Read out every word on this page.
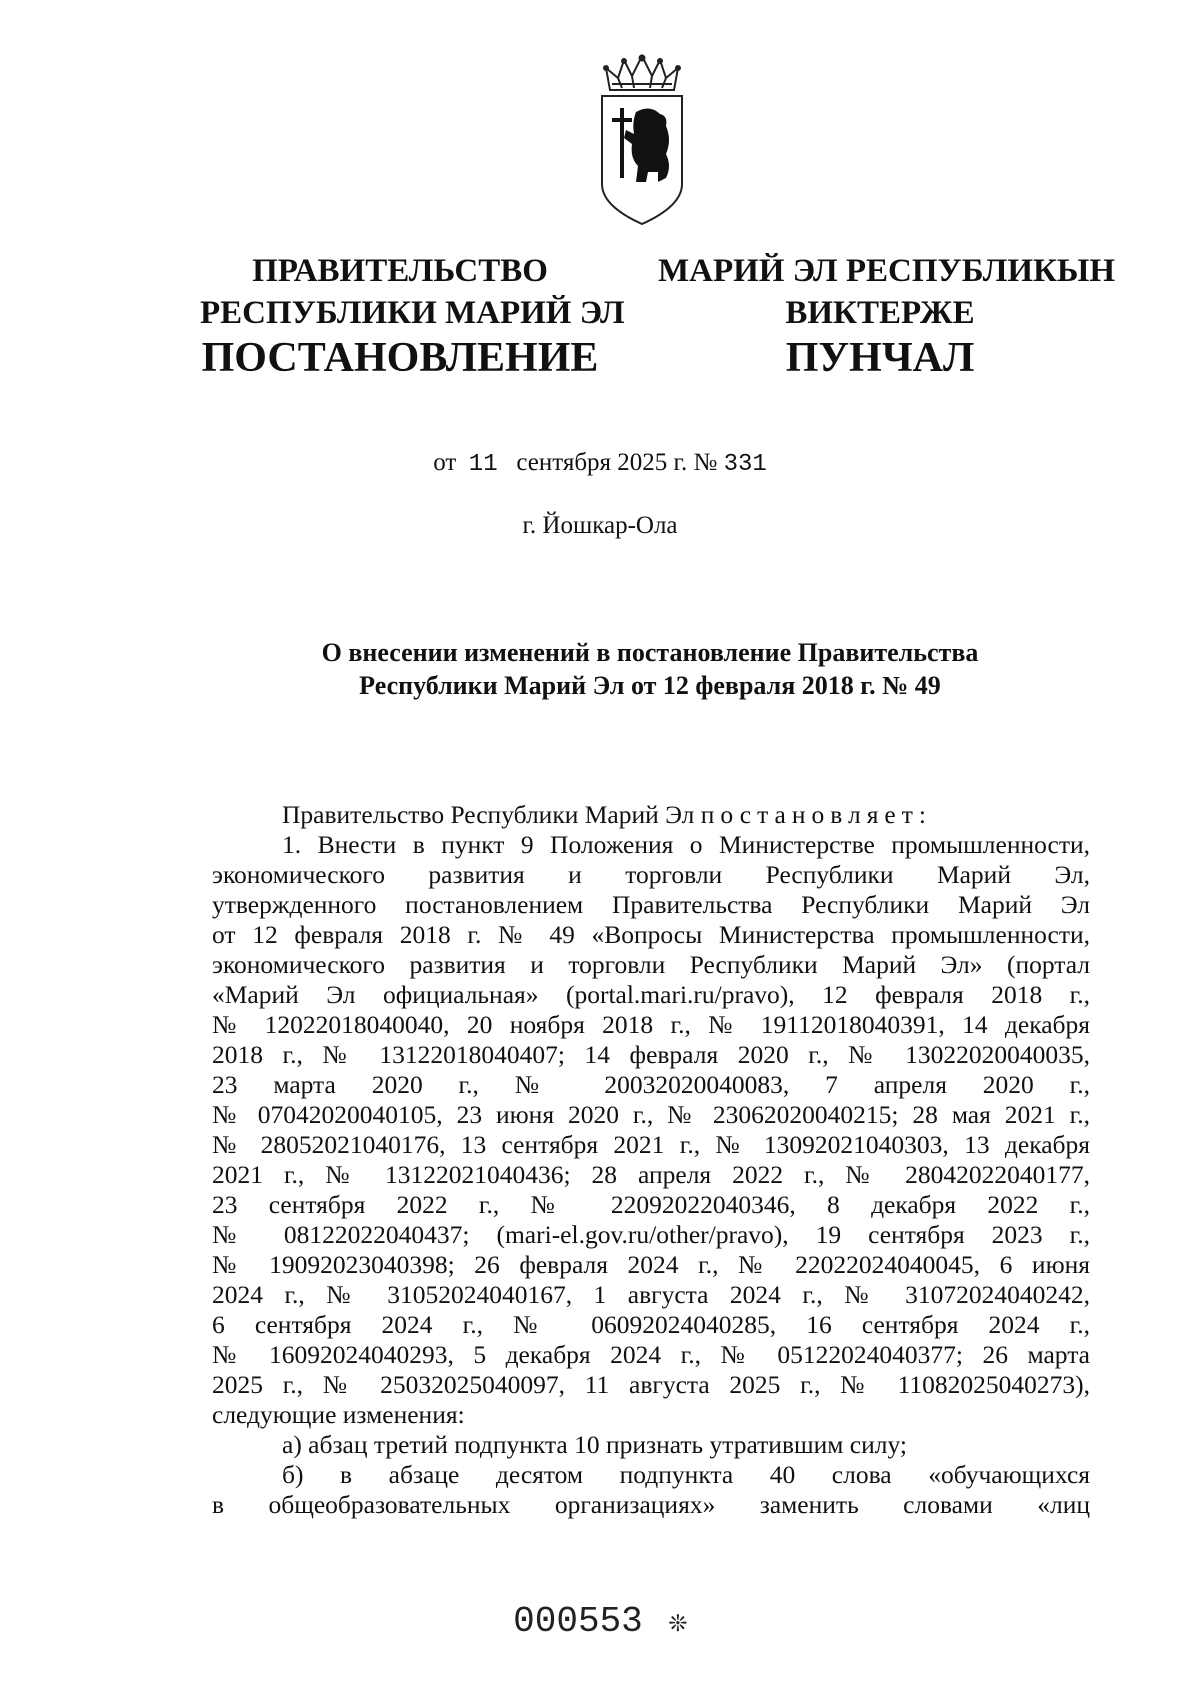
ПРАВИТЕЛЬСТВО
РЕСПУБЛИКИ МАРИЙ ЭЛ
МАРИЙ ЭЛ РЕСПУБЛИКЫН
ВИКТЕРЖЕ
ПОСТАНОВЛЕНИЕ	ПУНЧАЛ
от 11 сентября 2025 г. № 331
г. Йошкар-Ола
О внесении изменений в постановление Правительства
Республики Марий Эл от 12 февраля 2018 г. № 49
Правительство Республики Марий Эл постановляет:
1. Внести в пункт 9 Положения о Министерстве промышленности,
экономического развития и торговли Республики Марий Эл,
утвержденного постановлением Правительства Республики Марий Эл
от 12 февраля 2018 г. № 49 «Вопросы Министерства промышленности,
экономического развития и торговли Республики Марий Эл» (портал
«Марий Эл официальная» (portal.mari.ru/pravo), 12 февраля 2018 г.,
№ 12022018040040, 20 ноября 2018 г., № 19112018040391, 14 декабря
2018 г., № 13122018040407; 14 февраля 2020 г., № 13022020040035,
23 марта 2020 г., № 20032020040083, 7 апреля 2020 г.,
№ 07042020040105, 23 июня 2020 г., № 23062020040215; 28 мая 2021 г.,
№ 28052021040176, 13 сентября 2021 г., № 13092021040303, 13 декабря
2021 г., № 13122021040436; 28 апреля 2022 г., № 28042022040177,
23 сентября 2022 г., № 22092022040346, 8 декабря 2022 г.,
№ 08122022040437; (mari-el.gov.ru/other/pravo), 19 сентября 2023 г.,
№ 19092023040398; 26 февраля 2024 г., № 22022024040045, 6 июня
2024 г., № 31052024040167, 1 августа 2024 г., № 31072024040242,
6 сентября 2024 г., № 06092024040285, 16 сентября 2024 г.,
№ 16092024040293, 5 декабря 2024 г., № 05122024040377; 26 марта
2025 г., № 25032025040097, 11 августа 2025 г., № 11082025040273),
следующие изменения:
а) абзац третий подпункта 10 признать утратившим силу;
б) в абзаце десятом подпункта 40 слова «обучающихся
в общеобразовательных организациях» заменить словами «лиц
000553 ❊
